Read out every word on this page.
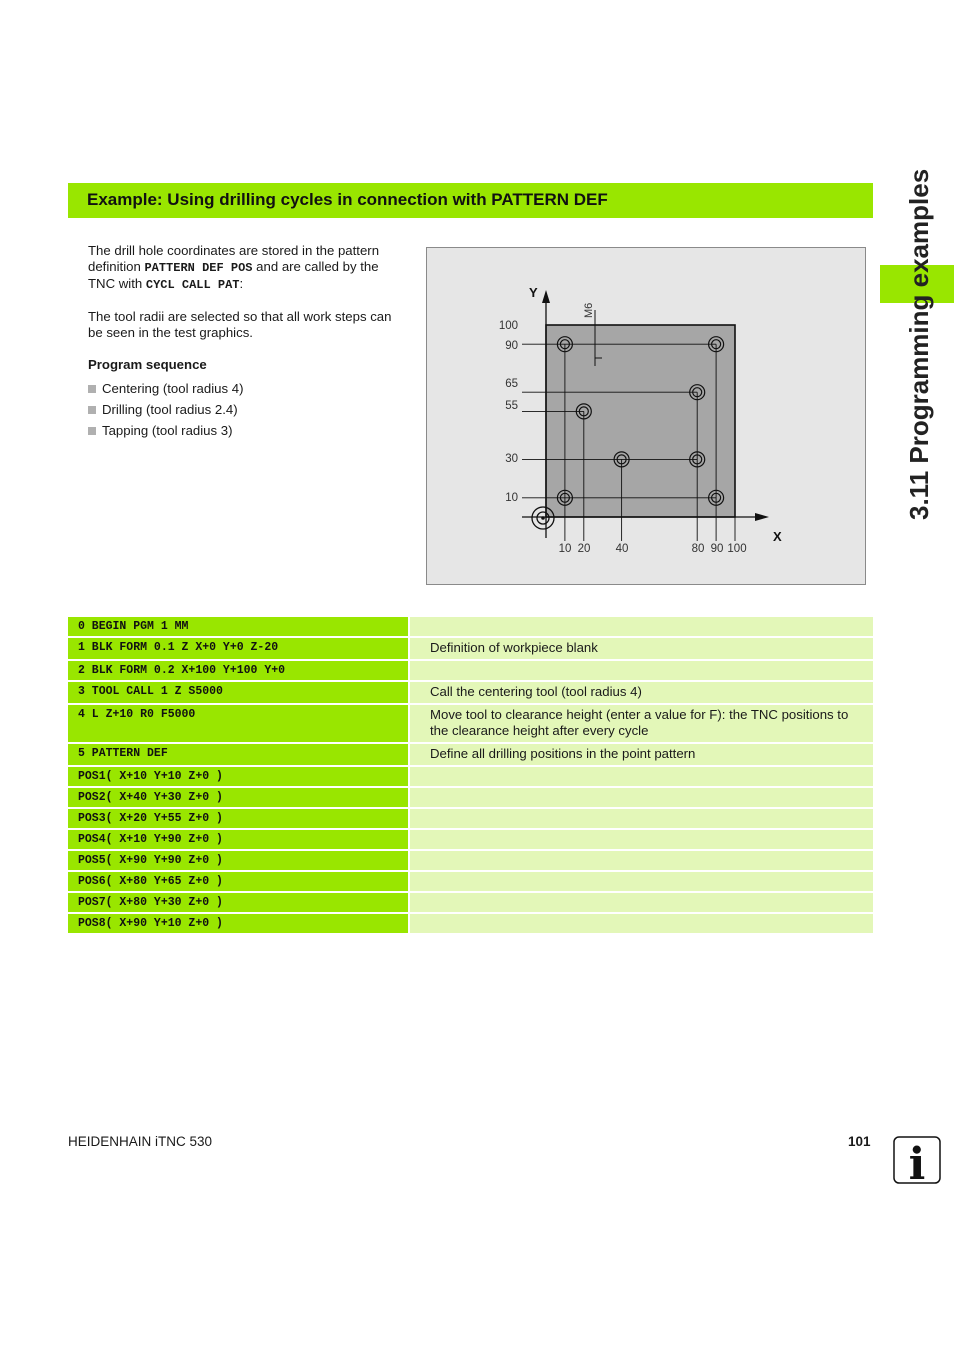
Example: Using drilling cycles in connection with PATTERN DEF	3.11 Programming examples

The drill hole coordinates are stored in the pattern definition PATTERN DEF POS and are called by the TNC with CYCL CALL PAT:

The tool radii are selected so that all work steps can be seen in the test graphics.

Program sequence
Centering (tool radius 4)
Drilling (tool radius 2.4)
Tapping (tool radius 3)
Y
X
M6
100
90
65
55
30
10
10 20 40	80 90 100
0 BEGIN PGM 1 MM
1 BLK FORM 0.1 Z X+0 Y+0 Z-20	Definition of workpiece blank
2 BLK FORM 0.2 X+100 Y+100 Y+0
3 TOOL CALL 1 Z S5000	Call the centering tool (tool radius 4)
4 L Z+10 R0 F5000	Move tool to clearance height (enter a value for F): the TNC positions to the clearance height after every cycle
5 PATTERN DEF	Define all drilling positions in the point pattern
POS1( X+10 Y+10 Z+0 )
POS2( X+40 Y+30 Z+0 )
POS3( X+20 Y+55 Z+0 )
POS4( X+10 Y+90 Z+0 )
POS5( X+90 Y+90 Z+0 )
POS6( X+80 Y+65 Z+0 )
POS7( X+80 Y+30 Z+0 )
POS8( X+90 Y+10 Z+0 )
HEIDENHAIN iTNC 530	101 i
